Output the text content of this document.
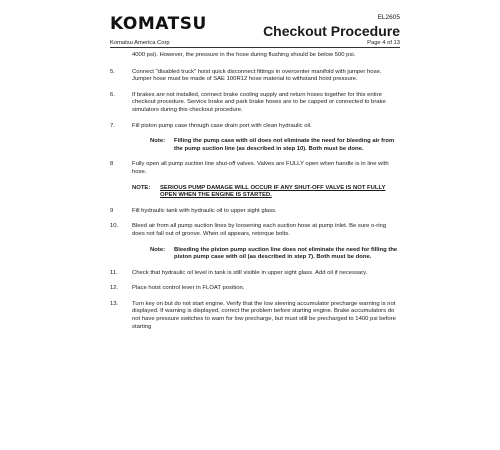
KOMATSU	EL2605
Checkout Procedure
Komatsu America Corp	Page 4 of 13
4000 psi). However, the pressure in the hose during flushing should be below 500 psi.
5.	Connect "disabled truck" hoist quick disconnect fittings in overcenter manifold with jumper hose. Jumper hose must be made of SAE 100R12 hose material to withstand hoist pressure.
6.	If brakes are not installed, connect brake cooling supply and return hoses together for this entire checkout procedure. Service brake and park brake hoses are to be capped or connected to brake simulators during this checkout procedure.
7.	Fill piston pump case through case drain port with clean hydraulic oil.
Note: Filling the pump case with oil does not eliminate the need for bleeding air from the pump suction line (as described in step 10). Both must be done.
8	Fully open all pump suction line shut-off valves. Valves are FULLY open when handle is in line with hose.
NOTE: SERIOUS PUMP DAMAGE WILL OCCUR IF ANY SHUT-OFF VALVE IS NOT FULLY OPEN WHEN THE ENGINE IS STARTED.
9	Fill hydraulic tank with hydraulic oil to upper sight glass.
10. Bleed air from all pump suction lines by loosening each suction hose at pump inlet. Be sure o-ring does not fall out of groove. When oil appears, retorque bolts.
Note: Bleeding the piston pump suction line does not eliminate the need for filling the piston pump case with oil (as described in step 7). Both must be done.
11. Check that hydraulic oil level in tank is still visible in upper sight glass. Add oil if necessary.
12. Place hoist control lever in FLOAT position.
13. Turn key on but do not start engine. Verify that the low steering accumulator precharge warning is not displayed. If warning is displayed, correct the problem before starting engine. Brake accumulators do not have pressure switches to warn for low precharge, but must still be precharged to 1400 psi before starting
